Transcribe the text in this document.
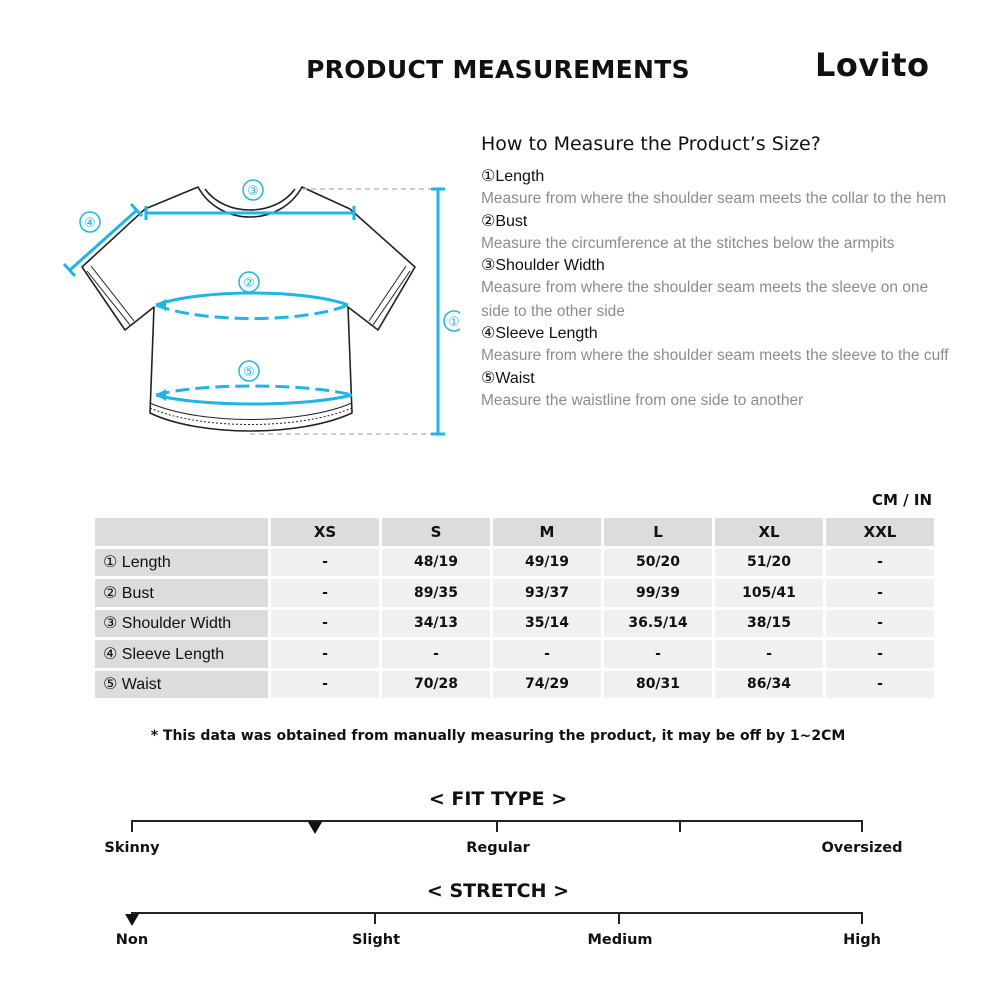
PRODUCT MEASUREMENTS	Lovito
③
④
②
⑤
①
How to Measure the Product’s Size?
①Length
Measure from where the shoulder seam meets the collar to the hem
②Bust
Measure the circumference at the stitches below the armpits
③Shoulder Width
Measure from where the shoulder seam meets the sleeve on one side to the other side
④Sleeve Length
Measure from where the shoulder seam meets the sleeve to the cuff
⑤Waist
Measure the waistline from one side to another
CM / IN
	XS	S	M	L	XL	XXL
① Length	-	48/19	49/19	50/20	51/20	-
② Bust	-	89/35	93/37	99/39	105/41	-
③ Shoulder Width	-	34/13	35/14	36.5/14	38/15	-
④ Sleeve Length	-	-	-	-	-	-
⑤ Waist	-	70/28	74/29	80/31	86/34	-
* This data was obtained from manually measuring the product, it may be off by 1~2CM
< FIT TYPE >
Skinny	Regular	Oversized
< STRETCH >
Non	Slight	Medium	High
